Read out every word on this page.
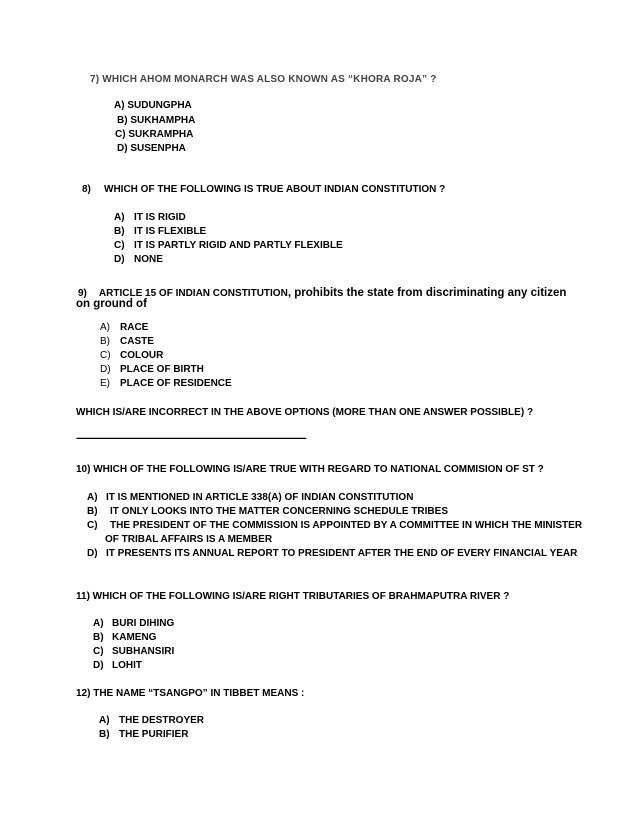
7) WHICH AHOM MONARCH WAS ALSO KNOWN AS “KHORA ROJA” ?
A) SUDUNGPHA
B) SUKHAMPHA
C) SUKRAMPHA
D) SUSENPHA
8) WHICH OF THE FOLLOWING IS TRUE ABOUT INDIAN CONSTITUTION ?
A) IT IS RIGID
B) IT IS FLEXIBLE
C) IT IS PARTLY RIGID AND PARTLY FLEXIBLE
D) NONE
9) ARTICLE 15 OF INDIAN CONSTITUTION, prohibits the state from discriminating any citizen
on ground of
A) RACE
B) CASTE
C) COLOUR
D) PLACE OF BIRTH
E) PLACE OF RESIDENCE
WHICH IS/ARE INCORRECT IN THE ABOVE OPTIONS (MORE THAN ONE ANSWER POSSIBLE) ?
-----------------------------------------------------------------------------------------------------------------
10) WHICH OF THE FOLLOWING IS/ARE TRUE WITH REGARD TO NATIONAL COMMISION OF ST ?
A) IT IS MENTIONED IN ARTICLE 338(A) OF INDIAN CONSTITUTION
B) IT ONLY LOOKS INTO THE MATTER CONCERNING SCHEDULE TRIBES
C) THE PRESIDENT OF THE COMMISSION IS APPOINTED BY A COMMITTEE IN WHICH THE MINISTER
OF TRIBAL AFFAIRS IS A MEMBER
D) IT PRESENTS ITS ANNUAL REPORT TO PRESIDENT AFTER THE END OF EVERY FINANCIAL YEAR
11) WHICH OF THE FOLLOWING IS/ARE RIGHT TRIBUTARIES OF BRAHMAPUTRA RIVER ?
A) BURI DIHING
B) KAMENG
C) SUBHANSIRI
D) LOHIT
12) THE NAME “TSANGPO” IN TIBBET MEANS :
A) THE DESTROYER
B) THE PURIFIER
